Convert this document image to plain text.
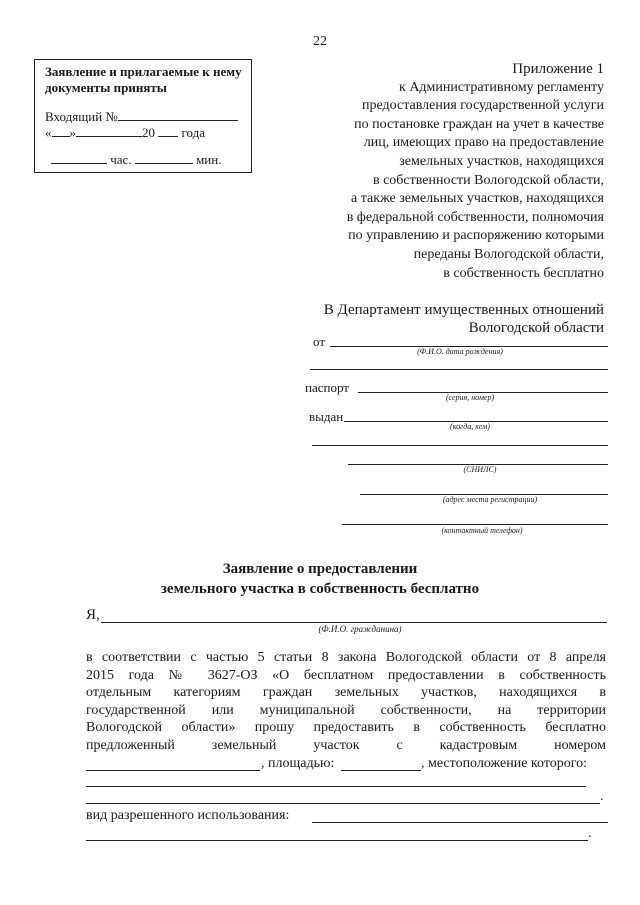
22
Заявление и прилагаемые к нему документы приняты
Входящий №
« »	20 года
час.	мин.
Приложение 1
к Административному регламенту
предоставления государственной услуги
по постановке граждан на учет в качестве
лиц, имеющих право на предоставление
земельных участков, находящихся
в собственности Вологодской области,
а также земельных участков, находящихся
в федеральной собственности, полномочия
по управлению и распоряжению которыми
переданы Вологодской области,
в собственность бесплатно
В Департамент имущественных отношений
Вологодской области
от
(Ф.И.О. дата рождения)
паспорт
(серия, номер)
выдан
(когда, кем)
(СНИЛС)
(адрес места регистрации)
(контактный телефон)
Заявление о предоставлении
земельного участка в собственность бесплатно
Я,
(Ф.И.О. гражданина)
в соответствии с частью 5 статьи 8 закона Вологодской области от 8 апреля
2015 года № 3627-ОЗ «О бесплатном предоставлении в собственность
отдельным категориям граждан земельных участков, находящихся в
государственной или муниципальной собственности, на территории
Вологодской области» прошу предоставить в собственность бесплатно
предложенный земельный участок с кадастровым номером
, площадью:	, местоположение которого:
.
вид разрешенного использования:
.
